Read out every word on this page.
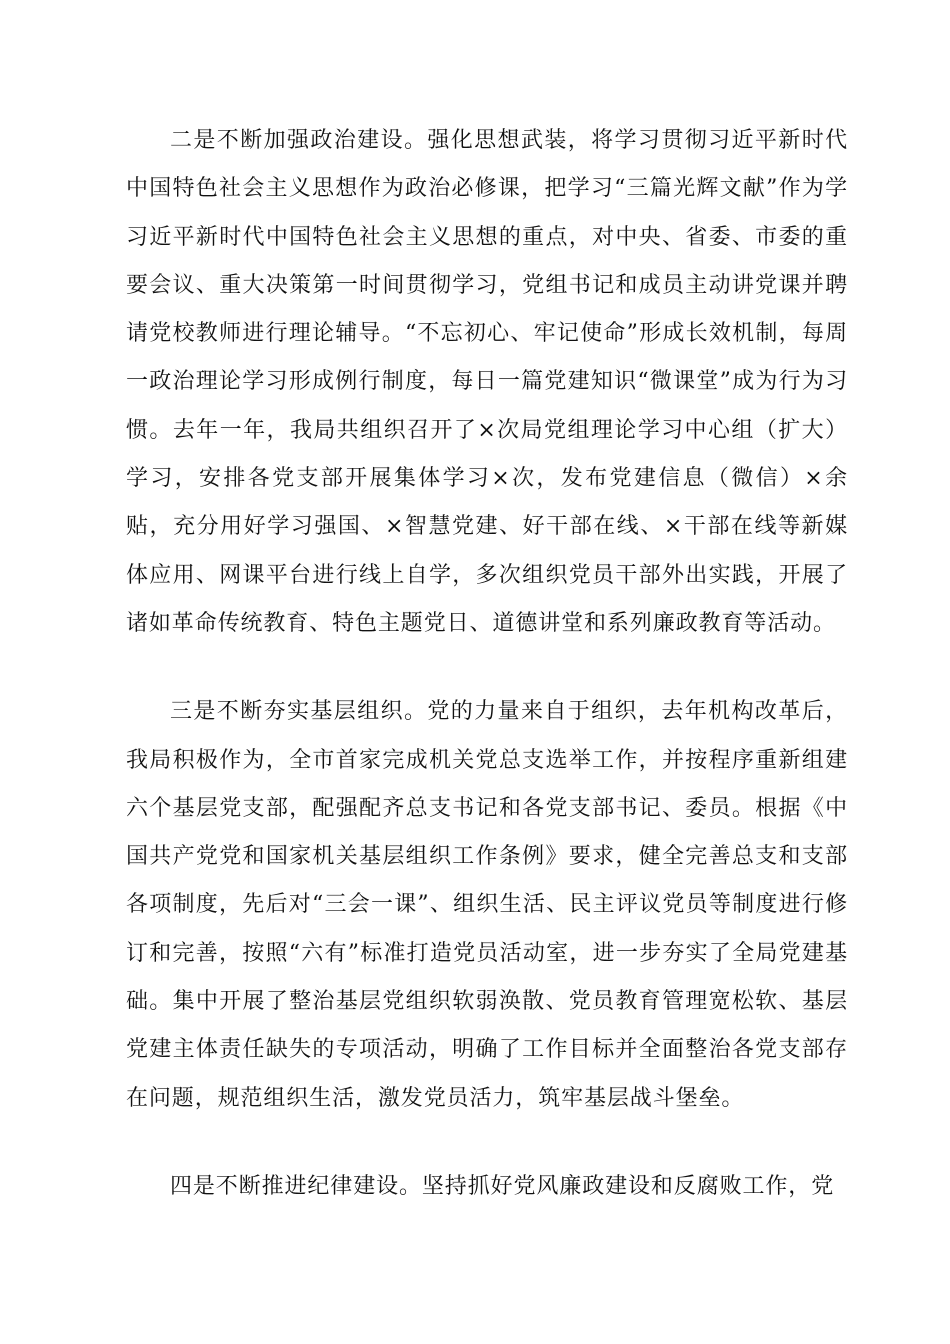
二是不断加强政治建设。强化思想武装，将学习贯彻习近平新时代中国特色社会主义思想作为政治必修课，把学习“三篇光辉文献”作为学习近平新时代中国特色社会主义思想的重点，对中央、省委、市委的重要会议、重大决策第一时间贯彻学习，党组书记和成员主动讲党课并聘请党校教师进行理论辅导。“不忘初心、牢记使命”形成长效机制，每周一政治理论学习形成例行制度，每日一篇党建知识“微课堂”成为行为习惯。去年一年，我局共组织召开了×次局党组理论学习中心组（扩大）学习，安排各党支部开展集体学习×次，发布党建信息（微信）×余贴，充分用好学习强国、×智慧党建、好干部在线、×干部在线等新媒体应用、网课平台进行线上自学，多次组织党员干部外出实践，开展了诸如革命传统教育、特色主题党日、道德讲堂和系列廉政教育等活动。

三是不断夯实基层组织。党的力量来自于组织，去年机构改革后，我局积极作为，全市首家完成机关党总支选举工作，并按程序重新组建六个基层党支部，配强配齐总支书记和各党支部书记、委员。根据《中国共产党党和国家机关基层组织工作条例》要求，健全完善总支和支部各项制度，先后对“三会一课”、组织生活、民主评议党员等制度进行修订和完善，按照“六有”标准打造党员活动室，进一步夯实了全局党建基础。集中开展了整治基层党组织软弱涣散、党员教育管理宽松软、基层党建主体责任缺失的专项活动，明确了工作目标并全面整治各党支部存在问题，规范组织生活，激发党员活力，筑牢基层战斗堡垒。

四是不断推进纪律建设。坚持抓好党风廉政建设和反腐败工作，党
